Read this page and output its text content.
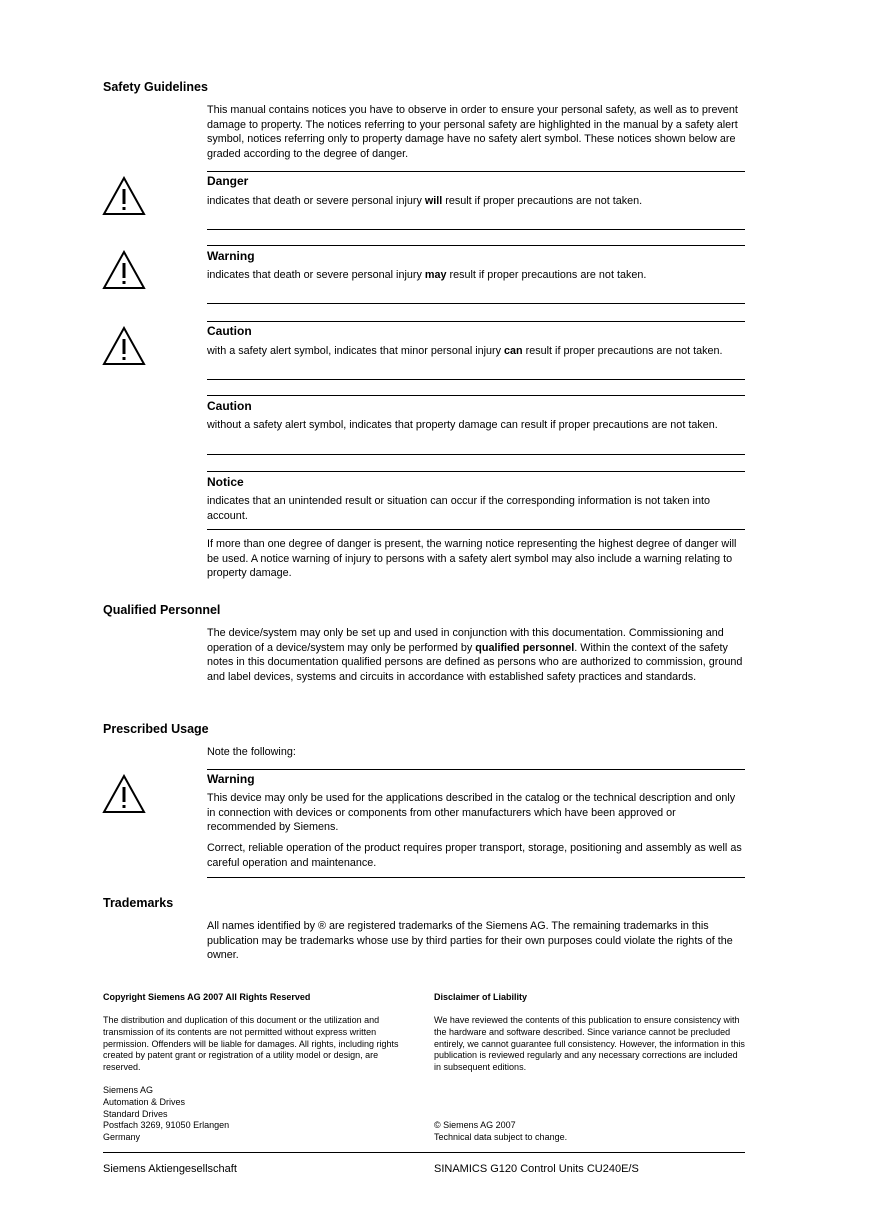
Safety Guidelines
This manual contains notices you have to observe in order to ensure your personal safety, as well as to prevent damage to property. The notices referring to your personal safety are highlighted in the manual by a safety alert symbol, notices referring only to property damage have no safety alert symbol. These notices shown below are graded according to the degree of danger.
Danger
indicates that death or severe personal injury will result if proper precautions are not taken.
Warning
indicates that death or severe personal injury may result if proper precautions are not taken.
Caution
with a safety alert symbol, indicates that minor personal injury can result if proper precautions are not taken.
Caution
without a safety alert symbol, indicates that property damage can result if proper precautions are not taken.
Notice
indicates that an unintended result or situation can occur if the corresponding information is not taken into account.
If more than one degree of danger is present, the warning notice representing the highest degree of danger will be used. A notice warning of injury to persons with a safety alert symbol may also include a warning relating to property damage.
Qualified Personnel
The device/system may only be set up and used in conjunction with this documentation. Commissioning and operation of a device/system may only be performed by qualified personnel. Within the context of the safety notes in this documentation qualified persons are defined as persons who are authorized to commission, ground and label devices, systems and circuits in accordance with established safety practices and standards.
Prescribed Usage
Note the following:
Warning
This device may only be used for the applications described in the catalog or the technical description and only in connection with devices or components from other manufacturers which have been approved or recommended by Siemens.
Correct, reliable operation of the product requires proper transport, storage, positioning and assembly as well as careful operation and maintenance.
Trademarks
All names identified by ® are registered trademarks of the Siemens AG. The remaining trademarks in this publication may be trademarks whose use by third parties for their own purposes could violate the rights of the owner.
Copyright Siemens AG 2007 All Rights Reserved
The distribution and duplication of this document or the utilization and transmission of its contents are not permitted without express written permission. Offenders will be liable for damages. All rights, including rights created by patent grant or registration of a utility model or design, are reserved.
Siemens AG
Automation & Drives
Standard Drives
Postfach 3269, 91050 Erlangen
Germany
Disclaimer of Liability
We have reviewed the contents of this publication to ensure consistency with the hardware and software described. Since variance cannot be precluded entirely, we cannot guarantee full consistency. However, the information in this publication is reviewed regularly and any necessary corrections are included in subsequent editions.
© Siemens AG 2007
Technical data subject to change.
Siemens Aktiengesellschaft	SINAMICS G120 Control Units CU240E/S
